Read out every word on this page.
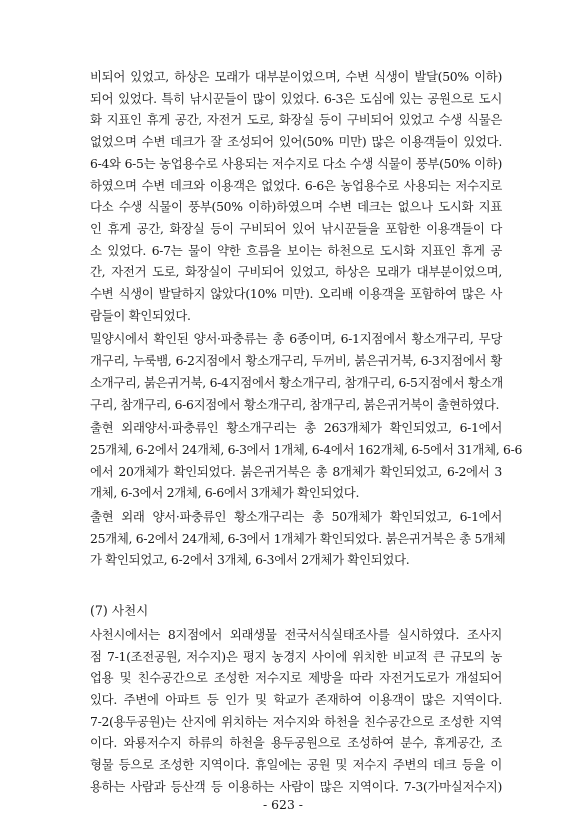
비되어 있었고, 하상은 모래가 대부분이었으며, 수변 식생이 발달(50% 이하)
되어 있었다. 특히 낚시꾼들이 많이 있었다. 6-3은 도심에 있는 공원으로 도시
화 지표인 휴게 공간, 자전거 도로, 화장실 등이 구비되어 있었고 수생 식물은
없었으며 수변 데크가 잘 조성되어 있어(50% 미만) 많은 이용객들이 있었다.
6-4와 6-5는 농업용수로 사용되는 저수지로 다소 수생 식물이 풍부(50% 이하)
하였으며 수변 데크와 이용객은 없었다. 6-6은 농업용수로 사용되는 저수지로
다소 수생 식물이 풍부(50% 이하)하였으며 수변 데크는 없으나 도시화 지표
인 휴게 공간, 화장실 등이 구비되어 있어 낚시꾼들을 포함한 이용객들이 다
소 있었다. 6-7는 물이 약한 흐름을 보이는 하천으로 도시화 지표인 휴게 공
간, 자전거 도로, 화장실이 구비되어 있었고, 하상은 모래가 대부분이었으며,
수변 식생이 발달하지 않았다(10% 미만). 오리배 이용객을 포함하여 많은 사
람들이 확인되었다.
밀양시에서 확인된 양서·파충류는 총 6종이며, 6-1지점에서 황소개구리, 무당
개구리, 누룩뱀, 6-2지점에서 황소개구리, 두꺼비, 붉은귀거북, 6-3지점에서 황
소개구리, 붉은귀거북, 6-4지점에서 황소개구리, 참개구리, 6-5지점에서 황소개
구리, 참개구리, 6-6지점에서 황소개구리, 참개구리, 붉은귀거북이 출현하였다.
출현 외래양서·파충류인 황소개구리는 총 263개체가 확인되었고, 6-1에서
25개체, 6-2에서 24개체, 6-3에서 1개체, 6-4에서 162개체, 6-5에서 31개체, 6-6
에서 20개체가 확인되었다. 붉은귀거북은 총 8개체가 확인되었고, 6-2에서 3
개체, 6-3에서 2개체, 6-6에서 3개체가 확인되었다.
출현 외래 양서·파충류인 황소개구리는 총 50개체가 확인되었고, 6-1에서
25개체, 6-2에서 24개체, 6-3에서 1개체가 확인되었다. 붉은귀거북은 총 5개체
가 확인되었고, 6-2에서 3개체, 6-3에서 2개체가 확인되었다.

(7) 사천시

사천시에서는 8지점에서 외래생물 전국서식실태조사를 실시하였다. 조사지
점 7-1(조전공원, 저수지)은 평지 농경지 사이에 위치한 비교적 큰 규모의 농
업용 및 친수공간으로 조성한 저수지로 제방을 따라 자전거도로가 개설되어
있다. 주변에 아파트 등 인가 및 학교가 존재하여 이용객이 많은 지역이다.
7-2(용두공원)는 산지에 위치하는 저수지와 하천을 친수공간으로 조성한 지역
이다. 와룡저수지 하류의 하천을 용두공원으로 조성하여 분수, 휴게공간, 조
형물 등으로 조성한 지역이다. 휴일에는 공원 및 저수지 주변의 데크 등을 이
용하는 사람과 등산객 등 이용하는 사람이 많은 지역이다. 7-3(가마실저수지)
- 623 -
